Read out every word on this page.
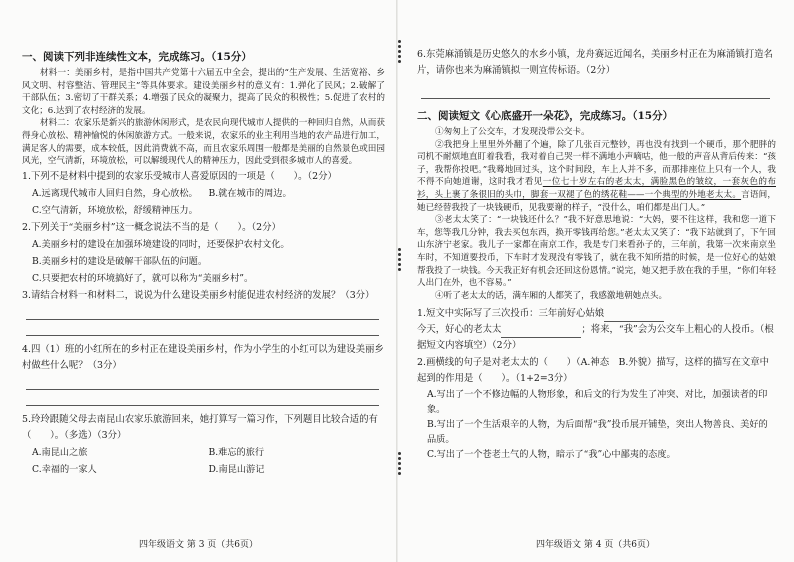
一、阅读下列非连续性文本，完成练习。（15分）

材料一：美丽乡村，是指中国共产党第十六届五中全会，提出的“生产发展、生活宽裕、乡风文明、村容整洁、管理民主”等具体要求。建设美丽乡村的意义有：1.弹化了民风；2.破解了干部队伍；3.密切了干群关系；4.增强了民众的凝聚力，提高了民众的积极性；5.促进了农村的文化；6.达到了农村经济的发展。

材料二：农家乐是新兴的旅游休闲形式，是农民向现代城市人提供的一种回归自然，从而获得身心放松、精神愉悦的休闲旅游方式。一般来说，农家乐的业主利用当地的农产品进行加工，满足客人的需要，成本较低，因此消费就不高，而且农家乐周围一般都是美丽的自然景色或田园风光，空气清新，环境放松，可以解缓现代人的精神压力，因此受到很多城市人的喜爱。

1.下列不是材料中提到的农家乐受城市人喜爱原因的一项是（　　）。（2分）
A.远离现代城市人回归自然，身心放松。	B.就在城市的周边。
C.空气清新，环境放松，舒缓精神压力。
2.下列关于“美丽乡村”这一概念说法不当的是（　　）。（2分）
A.美丽乡村的建设在加强环境建设的同时，还要保护农村文化。
B.美丽乡村的建设是破解干部队伍的问题。
C.只要把农村的环境搞好了，就可以称为“美丽乡村”。
3.请结合材料一和材料二，说说为什么建设美丽乡村能促进农村经济的发展？（3分）
4.四（1）班的小红所在的乡村正在建设美丽乡村，作为小学生的小红可以为建设美丽乡村做些什么呢？（3分）
5.玲玲跟随父母去南昆山农家乐旅游回来，她打算写一篇习作，下列题目比较合适的有（　　）。（多选）（3分）
A.南昆山之旅	B.难忘的旅行
C.幸福的一家人	D.南昆山游记
四年级语文 第 3 页（共6页）
6.东莞麻涌镇是历史悠久的水乡小镇，龙舟赛远近闻名，美丽乡村正在为麻涌镇打造名片，请你也来为麻涌镇拟一则宣传标语。（2分）
二、阅读短文《心底盛开一朵花》，完成练习。（15分）

①匆匆上了公交车，才发现没带公交卡。

②我把身上里里外外翻了个遍，除了几张百元整钞，再也没有找到一个硬币，那个肥胖的司机不耐烦地直盯着我看，我对着自己哭一样不满地小声嘀咕，他一般的声音从背后传来：“孩子，我帮你投吧。”我蓦地回过头，这个时间段，车上人并不多，而那排座位上只有一个人，我不得不向她道谢，这时我才看见一位七十岁左右的老太太，满脸黑色的皱纹，一套灰色的布衫，头上裹了条很旧的头巾，脚套一双褪了色的绣花鞋——一个典型的外地老太太。言语间，她已经替我投了一块钱硬币，见我要谢的样子，“没什么，咱们都是出门人。”

③老太太笑了：“一块钱还什么？”我不好意思地说：“大妈，要不往这样，我和您一道下车，您等我几分钟，我去买包东西，换开零钱再给您。”老太太又笑了：“我下站就到了，下午回山东济宁老家。我儿子一家都在南京工作，我是专门来看孙子的，三年前，我第一次来南京坐车时，不知道要投币，下车时才发现没有零钱了，就在我不知所措的时候，是一位好心的姑娘帮我投了一块钱。今天我正好有机会还回这份恩情。”说完，她又把手放在我的手里，“你们年轻人出门在外，也不容易。”

④听了老太太的话，满车厢的人都笑了，我感激地朝她点头。

1.短文中实际写了三次投币：三年前好心姑娘
今天，好心的老太太	；将来，“我”会为公交车上粗心的人投币。（根据短文内容填空）（2分）
2.画横线的句子是对老太太的（　　）（A.神态　B.外貌）描写，这样的描写在文章中起到的作用是（　　）。（1+2=3分）
A.写出了一个不修边幅的人物形象，和后文的行为发生了冲突、对比，加强读者的印象。
B.写出了一个生活艰辛的人物，为后面帮“我”投币展开铺垫，突出人物善良、美好的品质。
C.写出了一个苍老土气的人物，暗示了“我”心中鄙夷的态度。
四年级语文 第 4 页（共6页）
